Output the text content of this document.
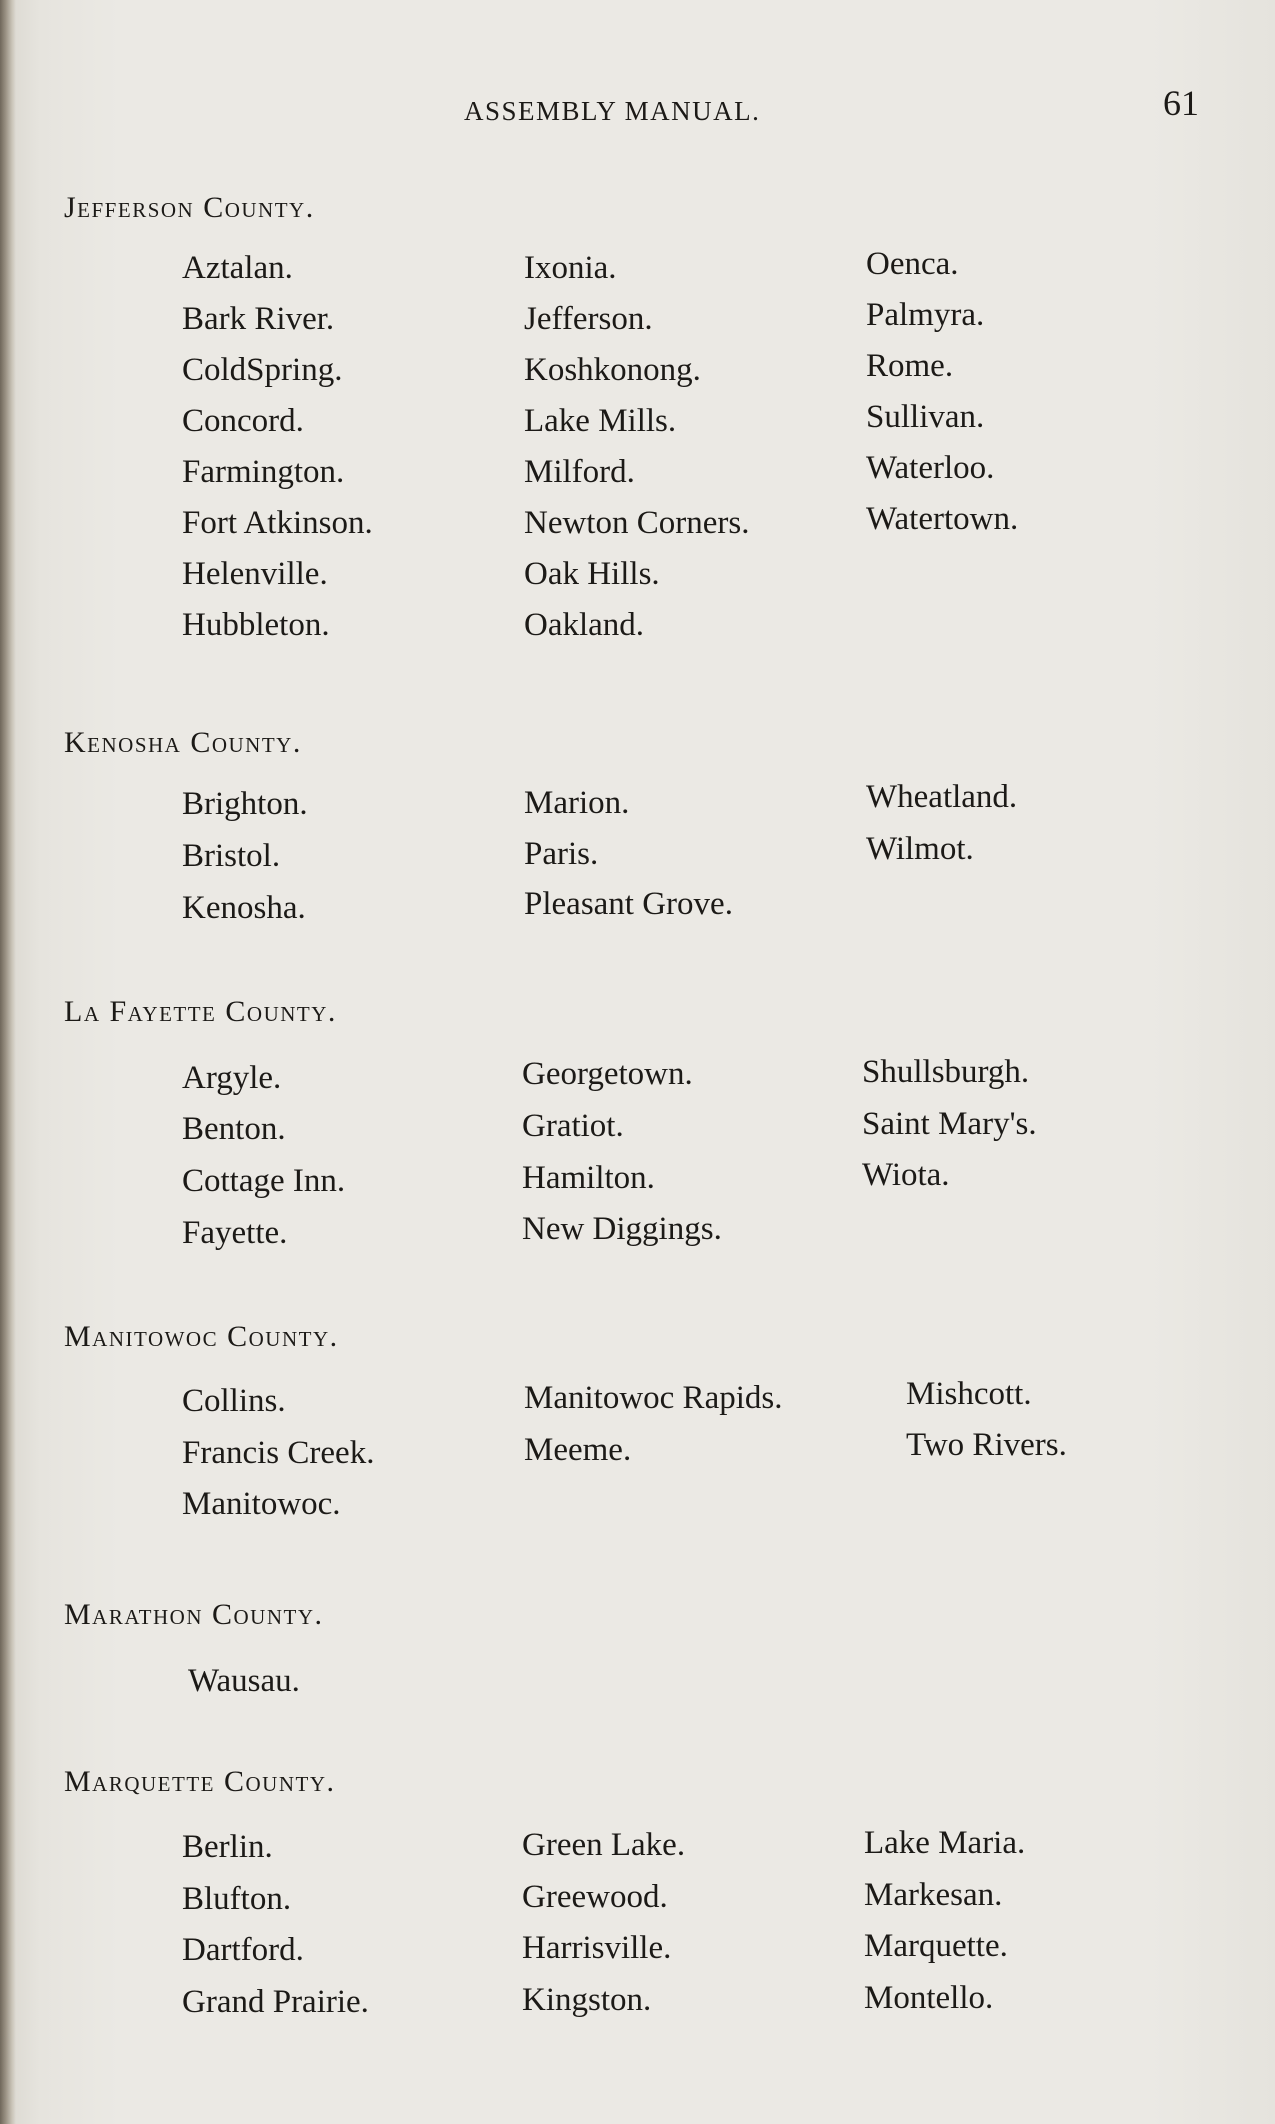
ASSEMBLY MANUAL.	61
Jefferson County.
Aztalan.
Bark River.
ColdSpring.
Concord.
Farmington.
Fort Atkinson.
Helenville.
Hubbleton.
Ixonia.
Jefferson.
Koshkonong.
Lake Mills.
Milford.
Newton Corners.
Oak Hills.
Oakland.
Oenca.
Palmyra.
Rome.
Sullivan.
Waterloo.
Watertown.
Kenosha County.
Brighton.
Bristol.
Kenosha.
Marion.
Paris.
Pleasant Grove.
Wheatland.
Wilmot.
La Fayette County.
Argyle.
Benton.
Cottage Inn.
Fayette.
Georgetown.
Gratiot.
Hamilton.
New Diggings.
Shullsburgh.
Saint Mary's.
Wiota.
Manitowoc County.
Collins.
Francis Creek.
Manitowoc.
Manitowoc Rapids.
Meeme.
Mishcott.
Two Rivers.
Marathon County.
Wausau.
Marquette County.
Berlin.
Blufton.
Dartford.
Grand Prairie.
Green Lake.
Greewood.
Harrisville.
Kingston.
Lake Maria.
Markesan.
Marquette.
Montello.
